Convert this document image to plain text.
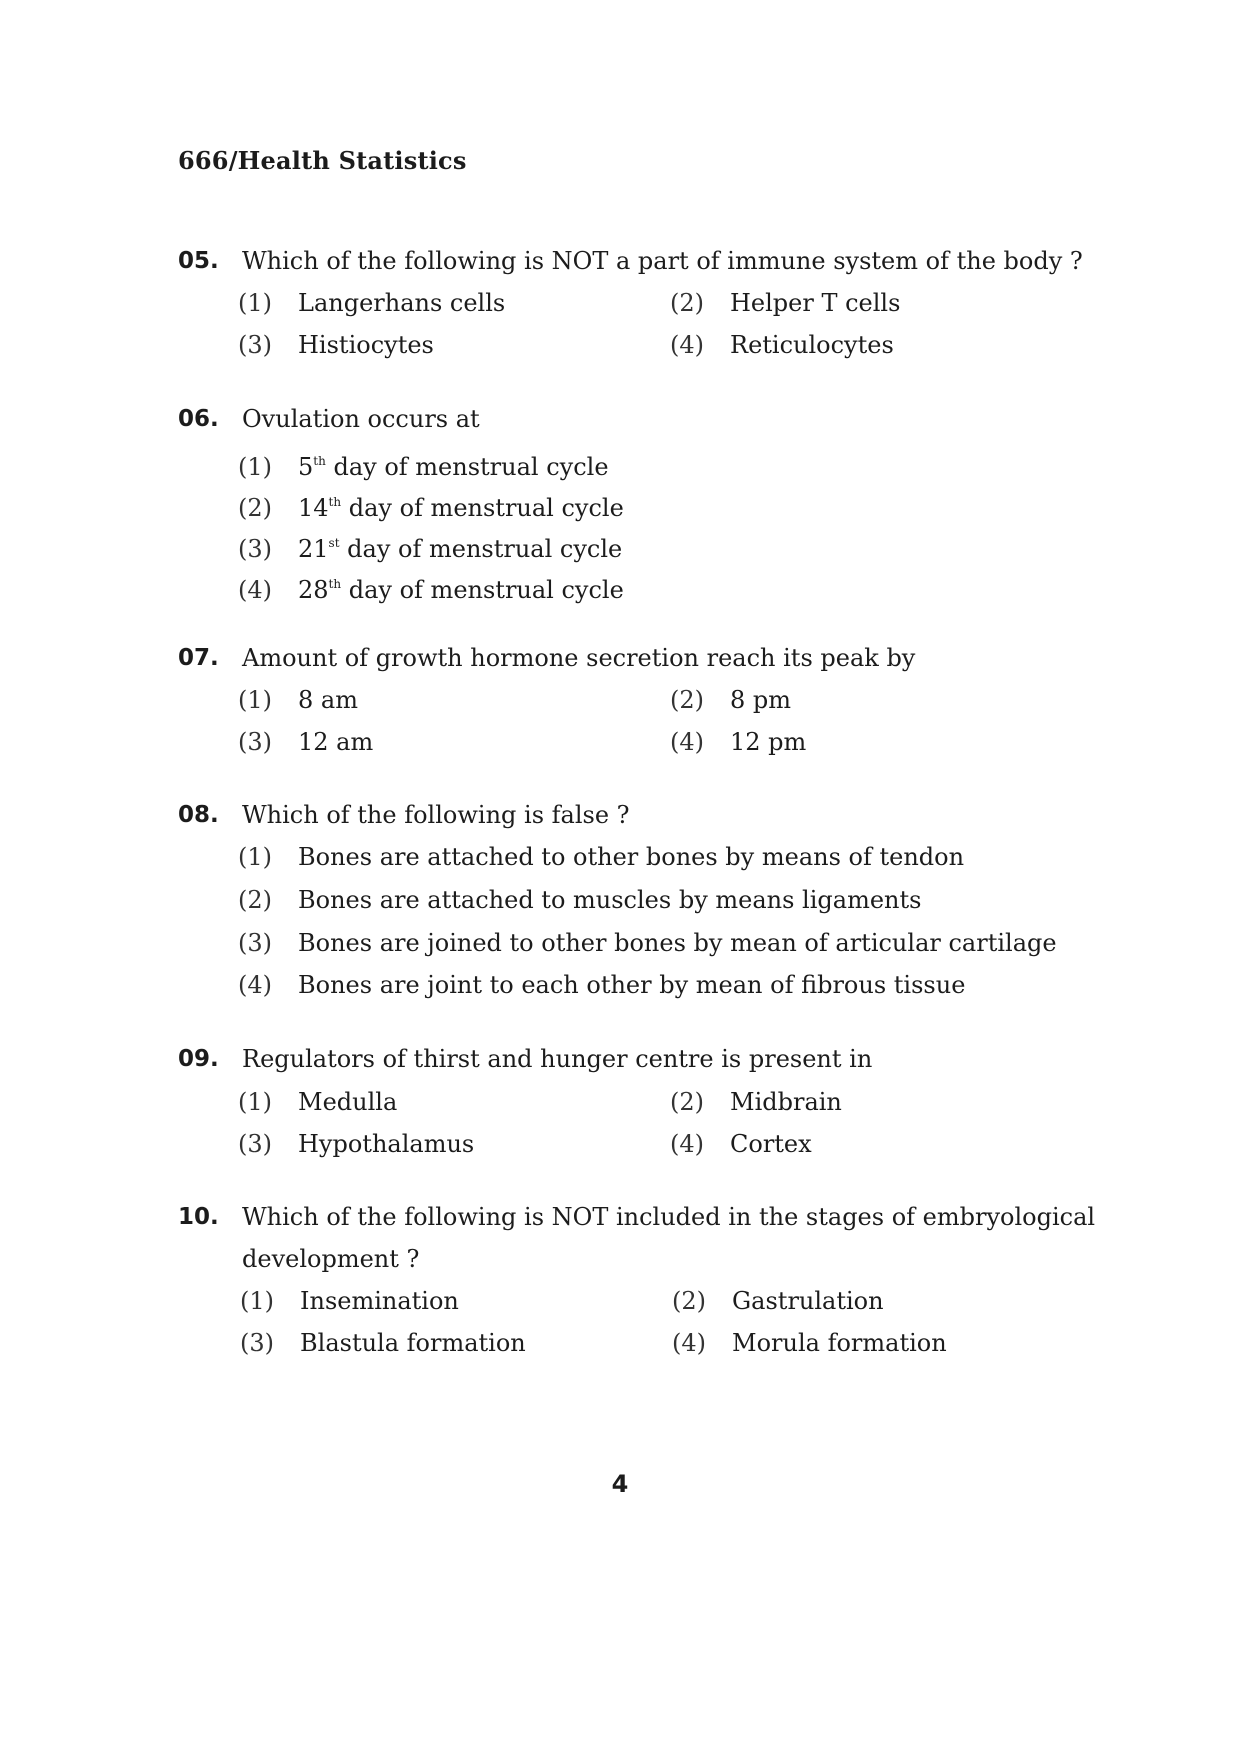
666/Health Statistics
05. Which of the following is NOT a part of immune system of the body ?
(1) Langerhans cells	(2) Helper T cells
(3) Histiocytes	(4) Reticulocytes
06. Ovulation occurs at
(1) 5th day of menstrual cycle
(2) 14th day of menstrual cycle
(3) 21st day of menstrual cycle
(4) 28th day of menstrual cycle
07. Amount of growth hormone secretion reach its peak by
(1) 8 am	(2) 8 pm
(3) 12 am	(4) 12 pm
08. Which of the following is false ?
(1) Bones are attached to other bones by means of tendon
(2) Bones are attached to muscles by means ligaments
(3) Bones are joined to other bones by mean of articular cartilage
(4) Bones are joint to each other by mean of fibrous tissue
09. Regulators of thirst and hunger centre is present in
(1) Medulla	(2) Midbrain
(3) Hypothalamus	(4) Cortex
10. Which of the following is NOT included in the stages of embryological
development ?
(1) Insemination	(2) Gastrulation
(3) Blastula formation	(4) Morula formation
4
